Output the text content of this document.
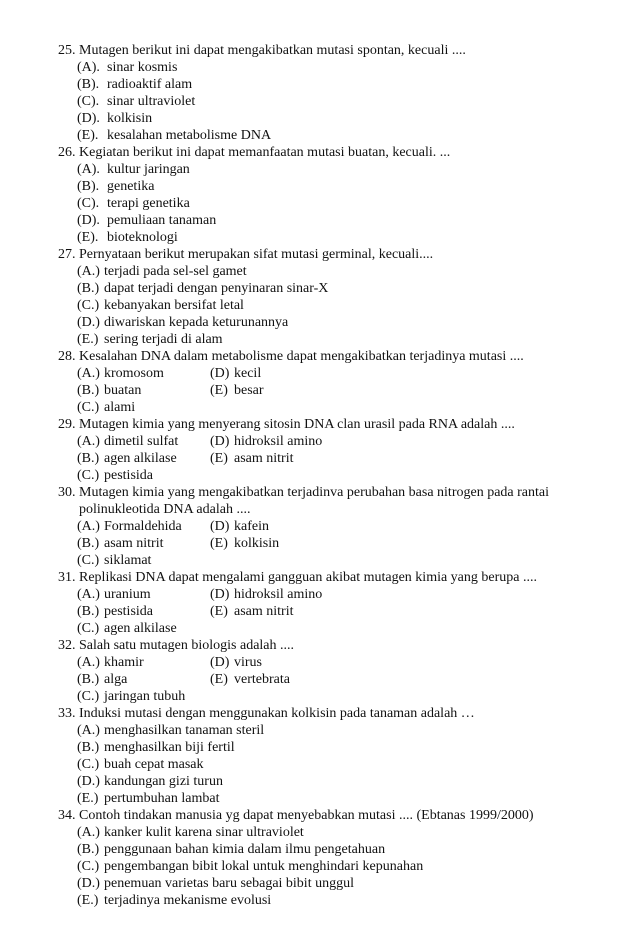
25. Mutagen berikut ini dapat mengakibatkan mutasi spontan, kecuali ....
(A). sinar kosmis
(B). radioaktif alam
(C). sinar ultraviolet
(D). kolkisin
(E). kesalahan metabolisme DNA
26. Kegiatan berikut ini dapat memanfaatan mutasi buatan, kecuali. ...
(A). kultur jaringan
(B). genetika
(C). terapi genetika
(D). pemuliaan tanaman
(E). bioteknologi
27. Pernyataan berikut merupakan sifat mutasi germinal, kecuali....
(A.) terjadi pada sel-sel gamet
(B.) dapat terjadi dengan penyinaran sinar-X
(C.) kebanyakan bersifat letal
(D.) diwariskan kepada keturunannya
(E.) sering terjadi di alam
28. Kesalahan DNA dalam metabolisme dapat mengakibatkan terjadinya mutasi ....
(A.) kromosom	(D) kecil
(B.) buatan	(E) besar
(C.) alami
29. Mutagen kimia yang menyerang sitosin DNA clan urasil pada RNA adalah ....
(A.) dimetil sulfat (D) hidroksil amino
(B.) agen alkilase (E) asam nitrit
(C.) pestisida
30. Mutagen kimia yang mengakibatkan terjadinva perubahan basa nitrogen pada rantai
polinukleotida DNA adalah ....
(A.) Formaldehida (D) kafein
(B.) asam nitrit	(E) kolkisin
(C.) siklamat
31. Replikasi DNA dapat mengalami gangguan akibat mutagen kimia yang berupa ....
(A.) uranium	(D) hidroksil amino
(B.) pestisida	(E) asam nitrit
(C.) agen alkilase
32. Salah satu mutagen biologis adalah ....
(A.) khamir	(D) virus
(B.) alga	(E) vertebrata
(C.) jaringan tubuh
33. Induksi mutasi dengan menggunakan kolkisin pada tanaman adalah …
(A.) menghasilkan tanaman steril
(B.) menghasilkan biji fertil
(C.) buah cepat masak
(D.) kandungan gizi turun
(E.) pertumbuhan lambat
34. Contoh tindakan manusia yg dapat menyebabkan mutasi .... (Ebtanas 1999/2000)
(A.) kanker kulit karena sinar ultraviolet
(B.) penggunaan bahan kimia dalam ilmu pengetahuan
(C.) pengembangan bibit lokal untuk menghindari kepunahan
(D.) penemuan varietas baru sebagai bibit unggul
(E.) terjadinya mekanisme evolusi
